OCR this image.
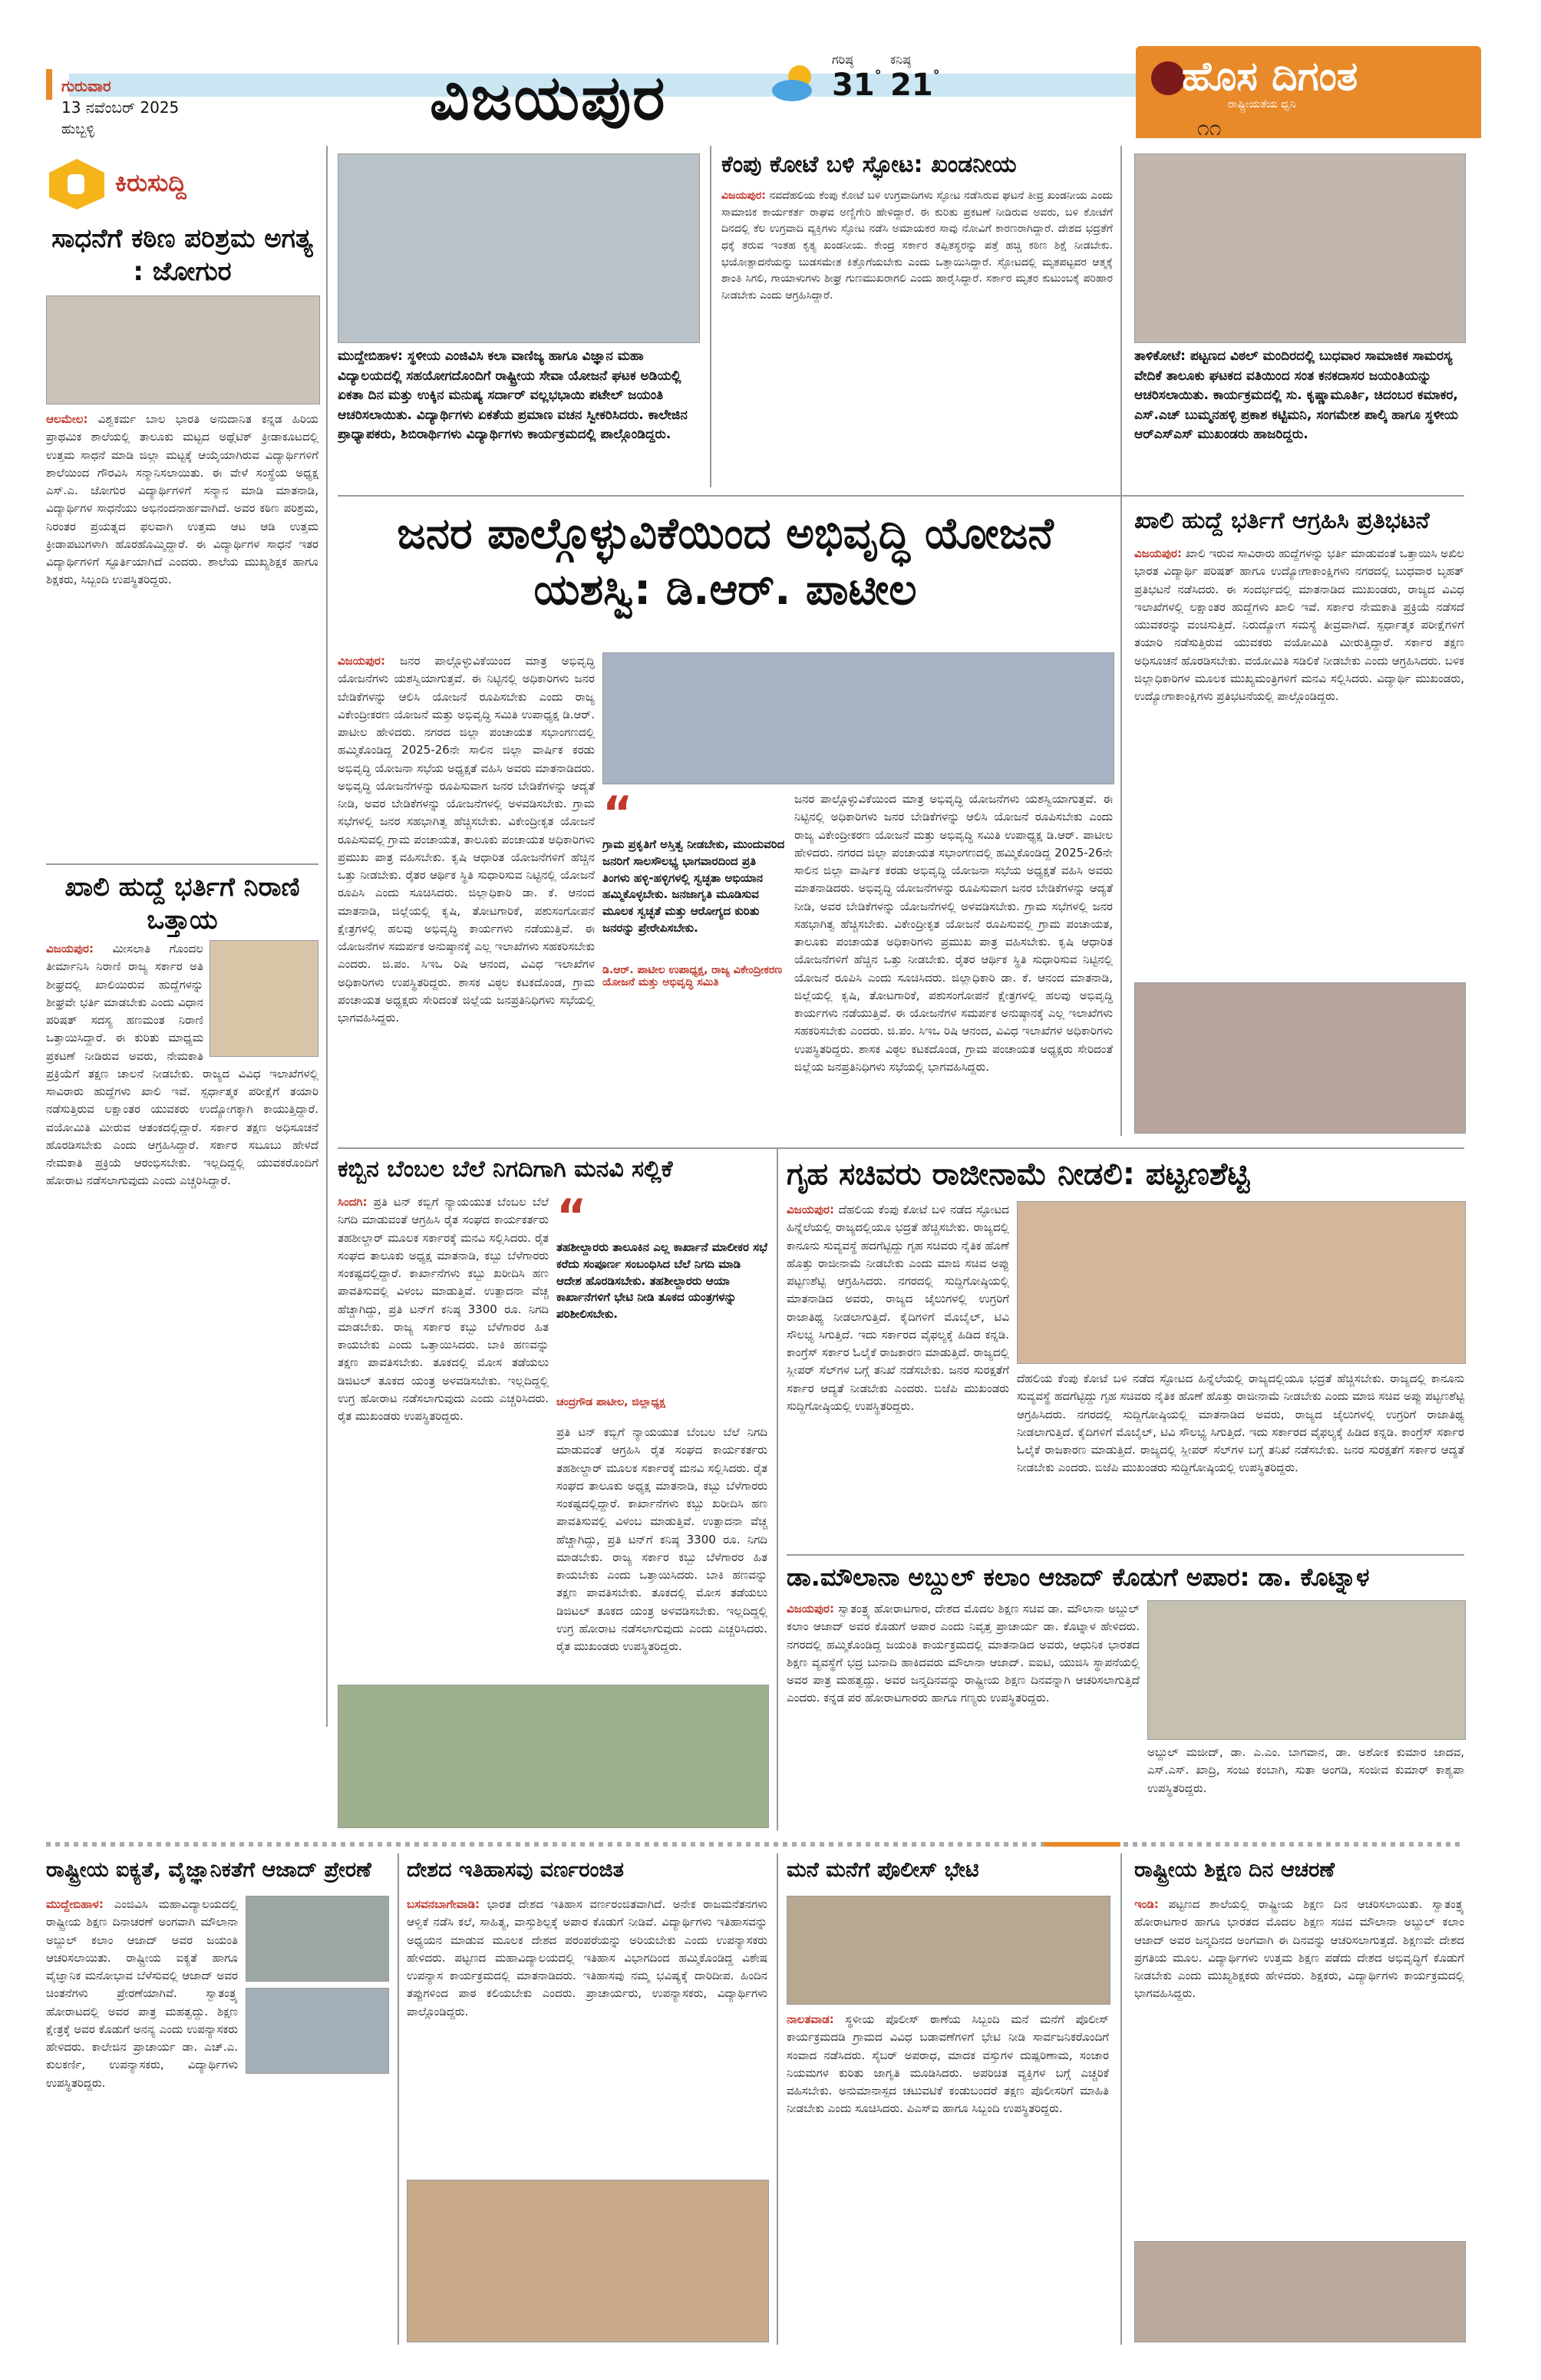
ಗುರುವಾರ
13 ನವೆಂಬರ್ 2025
ಹುಬ್ಬಳ್ಳಿ	ವಿಜಯಪುರ
ಗರಿಷ್ಠ
31°
ಕನಿಷ್ಠ
21°	ಹೊಸ ದಿಗಂತ
ರಾಷ್ಟ್ರೀಯತೆಯ ಧ್ವನಿ
೧೧
ಕಿರುಸುದ್ದಿ
ಸಾಧನೆಗೆ ಕಠಿಣ ಪರಿಶ್ರಮ ಅಗತ್ಯ : ಜೋಗುರ
ಆಲಮೇಲ: ವಿಶ್ವಕರ್ಮ ಬಾಲ ಭಾರತಿ ಅನುದಾನಿತ ಕನ್ನಡ ಹಿರಿಯ ಪ್ರಾಥಮಿಕ ಶಾಲೆಯಲ್ಲಿ ತಾಲೂಕು ಮಟ್ಟದ ಅಥ್ಲೆಟಿಕ್ ಕ್ರೀಡಾಕೂಟದಲ್ಲಿ ಉತ್ತಮ ಸಾಧನೆ ಮಾಡಿ ಜಿಲ್ಲಾ ಮಟ್ಟಕ್ಕೆ ಆಯ್ಕೆಯಾಗಿರುವ ವಿದ್ಯಾರ್ಥಿಗಳಿಗೆ ಶಾಲೆಯಿಂದ ಗೌರವಿಸಿ ಸನ್ಮಾನಿಸಲಾಯಿತು. ಈ ವೇಳೆ ಸಂಸ್ಥೆಯ ಅಧ್ಯಕ್ಷ ಎಸ್.ಎ. ಜೋಗುರ ವಿದ್ಯಾರ್ಥಿಗಳಿಗೆ ಸನ್ಮಾನ ಮಾಡಿ ಮಾತನಾಡಿ, ವಿದ್ಯಾರ್ಥಿಗಳ ಸಾಧನೆಯು ಅಭಿನಂದನಾರ್ಹವಾಗಿದೆ. ಅವರ ಕಠಿಣ ಪರಿಶ್ರಮ, ನಿರಂತರ ಪ್ರಯತ್ನದ ಫಲವಾಗಿ ಉತ್ತಮ ಆಟ ಆಡಿ ಉತ್ತಮ ಕ್ರೀಡಾಪಟುಗಳಾಗಿ ಹೊರಹೊಮ್ಮಿದ್ದಾರೆ. ಈ ವಿದ್ಯಾರ್ಥಿಗಳ ಸಾಧನೆ ಇತರ ವಿದ್ಯಾರ್ಥಿಗಳಿಗೆ ಸ್ಫೂರ್ತಿಯಾಗಿದೆ ಎಂದರು. ಶಾಲೆಯ ಮುಖ್ಯಶಿಕ್ಷಕ ಹಾಗೂ ಶಿಕ್ಷಕರು, ಸಿಬ್ಬಂದಿ ಉಪಸ್ಥಿತರಿದ್ದರು.
ಖಾಲಿ ಹುದ್ದೆ ಭರ್ತಿಗೆ ನಿರಾಣಿ ಒತ್ತಾಯ
ವಿಜಯಪುರ: ಮೀಸಲಾತಿ ಗೊಂದಲ ತೀರ್ಮಾನಿಸಿ ನಿರಾಣಿ ರಾಜ್ಯ ಸರ್ಕಾರ ಅತಿ ಶೀಘ್ರದಲ್ಲಿ ಖಾಲಿಯಿರುವ ಹುದ್ದೆಗಳನ್ನು ಶೀಘ್ರವೇ ಭರ್ತಿ ಮಾಡಬೇಕು ಎಂದು ವಿಧಾನ ಪರಿಷತ್ ಸದಸ್ಯ ಹಣಮಂತ ನಿರಾಣಿ ಒತ್ತಾಯಿಸಿದ್ದಾರೆ. ಈ ಕುರಿತು ಮಾಧ್ಯಮ ಪ್ರಕಟಣೆ ನೀಡಿರುವ ಅವರು, ನೇಮಕಾತಿ ಪ್ರಕ್ರಿಯೆಗೆ ತಕ್ಷಣ ಚಾಲನೆ ನೀಡಬೇಕು. ರಾಜ್ಯದ ವಿವಿಧ ಇಲಾಖೆಗಳಲ್ಲಿ ಸಾವಿರಾರು ಹುದ್ದೆಗಳು ಖಾಲಿ ಇವೆ. ಸ್ಪರ್ಧಾತ್ಮಕ ಪರೀಕ್ಷೆಗೆ ತಯಾರಿ ನಡೆಸುತ್ತಿರುವ ಲಕ್ಷಾಂತರ ಯುವಕರು ಉದ್ಯೋಗಕ್ಕಾಗಿ ಕಾಯುತ್ತಿದ್ದಾರೆ. ವಯೋಮಿತಿ ಮೀರುವ ಆತಂಕದಲ್ಲಿದ್ದಾರೆ. ಸರ್ಕಾರ ತಕ್ಷಣ ಅಧಿಸೂಚನೆ ಹೊರಡಿಸಬೇಕು ಎಂದು ಆಗ್ರಹಿಸಿದ್ದಾರೆ. ಸರ್ಕಾರ ಸಬೂಬು ಹೇಳದೆ ನೇಮಕಾತಿ ಪ್ರಕ್ರಿಯೆ ಆರಂಭಿಸಬೇಕು. ಇಲ್ಲದಿದ್ದಲ್ಲಿ ಯುವಕರೊಂದಿಗೆ ಹೋರಾಟ ನಡೆಸಲಾಗುವುದು ಎಂದು ಎಚ್ಚರಿಸಿದ್ದಾರೆ.
ಮುದ್ದೇಬಿಹಾಳ: ಸ್ಥಳೀಯ ಎಂಜಿವಿಸಿ ಕಲಾ ವಾಣಿಜ್ಯ ಹಾಗೂ ವಿಜ್ಞಾನ ಮಹಾ ವಿದ್ಯಾಲಯದಲ್ಲಿ ಸಹಯೋಗದೊಂದಿಗೆ ರಾಷ್ಟ್ರೀಯ ಸೇವಾ ಯೋಜನೆ ಘಟಕ ಅಡಿಯಲ್ಲಿ ಏಕತಾ ದಿನ ಮತ್ತು ಉಕ್ಕಿನ ಮನುಷ್ಯ ಸರ್ದಾರ್ ವಲ್ಲಭಭಾಯಿ ಪಟೇಲ್ ಜಯಂತಿ ಆಚರಿಸಲಾಯಿತು. ವಿದ್ಯಾರ್ಥಿಗಳು ಏಕತೆಯ ಪ್ರಮಾಣ ವಚನ ಸ್ವೀಕರಿಸಿದರು. ಕಾಲೇಜಿನ ಪ್ರಾಧ್ಯಾಪಕರು, ಶಿಬಿರಾರ್ಥಿಗಳು ವಿದ್ಯಾರ್ಥಿಗಳು ಕಾರ್ಯಕ್ರಮದಲ್ಲಿ ಪಾಲ್ಗೊಂಡಿದ್ದರು.
ಕೆಂಪು ಕೋಟೆ ಬಳಿ ಸ್ಫೋಟ: ಖಂಡನೀಯ
ವಿಜಯಪುರ: ನವದೆಹಲಿಯ ಕೆಂಪು ಕೋಟೆ ಬಳಿ ಉಗ್ರವಾದಿಗಳು ಸ್ಫೋಟ ನಡೆಸಿರುವ ಘಟನೆ ತೀವ್ರ ಖಂಡನೀಯ ಎಂದು ಸಾಮಾಜಿಕ ಕಾರ್ಯಕರ್ತ ರಾಘವ ಅಣ್ಣಿಗೇರಿ ಹೇಳಿದ್ದಾರೆ. ಈ ಕುರಿತು ಪ್ರಕಟಣೆ ನೀಡಿರುವ ಅವರು, ಬಳಿ ಕೋಟೆಗೆ ದಿನದಲ್ಲಿ ಕೆಲ ಉಗ್ರವಾದಿ ವ್ಯಕ್ತಿಗಳು ಸ್ಫೋಟ ನಡೆಸಿ ಅಮಾಯಕರ ಸಾವು ನೋವಿಗೆ ಕಾರಣರಾಗಿದ್ದಾರೆ. ದೇಶದ ಭದ್ರತೆಗೆ ಧಕ್ಕೆ ತರುವ ಇಂತಹ ಕೃತ್ಯ ಖಂಡನೀಯ. ಕೇಂದ್ರ ಸರ್ಕಾರ ತಪ್ಪಿತಸ್ಥರನ್ನು ಪತ್ತೆ ಹಚ್ಚಿ ಕಠಿಣ ಶಿಕ್ಷೆ ನೀಡಬೇಕು. ಭಯೋತ್ಪಾದನೆಯನ್ನು ಬುಡಸಮೇತ ಕಿತ್ತೊಗೆಯಬೇಕು ಎಂದು ಒತ್ತಾಯಿಸಿದ್ದಾರೆ. ಸ್ಫೋಟದಲ್ಲಿ ಮೃತಪಟ್ಟವರ ಆತ್ಮಕ್ಕೆ ಶಾಂತಿ ಸಿಗಲಿ, ಗಾಯಾಳುಗಳು ಶೀಘ್ರ ಗುಣಮುಖರಾಗಲಿ ಎಂದು ಹಾರೈಸಿದ್ದಾರೆ. ಸರ್ಕಾರ ಮೃತರ ಕುಟುಂಬಕ್ಕೆ ಪರಿಹಾರ ನೀಡಬೇಕು ಎಂದು ಆಗ್ರಹಿಸಿದ್ದಾರೆ.
ತಾಳಿಕೋಟೆ: ಪಟ್ಟಣದ ವಿಠಲ್ ಮಂದಿರದಲ್ಲಿ ಬುಧವಾರ ಸಾಮಾಜಿಕ ಸಾಮರಸ್ಯ ವೇದಿಕೆ ತಾಲೂಕು ಘಟಕದ ವತಿಯಿಂದ ಸಂತ ಕನಕದಾಸರ ಜಯಂತಿಯನ್ನು ಆಚರಿಸಲಾಯಿತು. ಕಾರ್ಯಕ್ರಮದಲ್ಲಿ ಸು. ಕೃಷ್ಣಾಮೂರ್ತಿ, ಚಿದಂಬರ ಕಮಾಕರ, ಎಸ್.ಎಚ್ ಬುಮ್ಮನಹಳ್ಳಿ ಪ್ರಕಾಶ ಕಟ್ಟಿಮನಿ, ಸಂಗಮೇಶ ಪಾಲ್ಕಿ ಹಾಗೂ ಸ್ಥಳೀಯ ಆರ್‌ಎಸ್‌ಎಸ್ ಮುಖಂಡರು ಹಾಜರಿದ್ದರು.
ಜನರ ಪಾಲ್ಗೊಳ್ಳುವಿಕೆಯಿಂದ ಅಭಿವೃದ್ಧಿ ಯೋಜನೆ ಯಶಸ್ವಿ: ಡಿ.ಆರ್. ಪಾಟೀಲ
ವಿಜಯಪುರ: ಜನರ ಪಾಲ್ಗೊಳ್ಳುವಿಕೆಯಿಂದ ಮಾತ್ರ ಅಭಿವೃದ್ಧಿ ಯೋಜನೆಗಳು ಯಶಸ್ವಿಯಾಗುತ್ತವೆ. ಈ ನಿಟ್ಟಿನಲ್ಲಿ ಅಧಿಕಾರಿಗಳು ಜನರ ಬೇಡಿಕೆಗಳನ್ನು ಆಲಿಸಿ ಯೋಜನೆ ರೂಪಿಸಬೇಕು ಎಂದು ರಾಜ್ಯ ವಿಕೇಂದ್ರೀಕರಣ ಯೋಜನೆ ಮತ್ತು ಅಭಿವೃದ್ಧಿ ಸಮಿತಿ ಉಪಾಧ್ಯಕ್ಷ ಡಿ.ಆರ್. ಪಾಟೀಲ ಹೇಳಿದರು. ನಗರದ ಜಿಲ್ಲಾ ಪಂಚಾಯತ ಸಭಾಂಗಣದಲ್ಲಿ ಹಮ್ಮಿಕೊಂಡಿದ್ದ 2025-26ನೇ ಸಾಲಿನ ಜಿಲ್ಲಾ ವಾರ್ಷಿಕ ಕರಡು ಅಭಿವೃದ್ಧಿ ಯೋಜನಾ ಸಭೆಯ ಅಧ್ಯಕ್ಷತೆ ವಹಿಸಿ ಅವರು ಮಾತನಾಡಿದರು. ಅಭಿವೃದ್ಧಿ ಯೋಜನೆಗಳನ್ನು ರೂಪಿಸುವಾಗ ಜನರ ಬೇಡಿಕೆಗಳನ್ನು ಆದ್ಯತೆ ನೀಡಿ, ಅವರ ಬೇಡಿಕೆಗಳನ್ನು ಯೋಜನೆಗಳಲ್ಲಿ ಅಳವಡಿಸಬೇಕು. ಗ್ರಾಮ ಸಭೆಗಳಲ್ಲಿ ಜನರ ಸಹಭಾಗಿತ್ವ ಹೆಚ್ಚಿಸಬೇಕು. ವಿಕೇಂದ್ರೀಕೃತ ಯೋಜನೆ ರೂಪಿಸುವಲ್ಲಿ ಗ್ರಾಮ ಪಂಚಾಯತ, ತಾಲೂಕು ಪಂಚಾಯತ ಅಧಿಕಾರಿಗಳು ಪ್ರಮುಖ ಪಾತ್ರ ವಹಿಸಬೇಕು. ಕೃಷಿ ಆಧಾರಿತ ಯೋಜನೆಗಳಿಗೆ ಹೆಚ್ಚಿನ ಒತ್ತು ನೀಡಬೇಕು. ರೈತರ ಆರ್ಥಿಕ ಸ್ಥಿತಿ ಸುಧಾರಿಸುವ ನಿಟ್ಟಿನಲ್ಲಿ ಯೋಜನೆ ರೂಪಿಸಿ ಎಂದು ಸೂಚಿಸಿದರು. ಜಿಲ್ಲಾಧಿಕಾರಿ ಡಾ. ಕೆ. ಆನಂದ ಮಾತನಾಡಿ, ಜಿಲ್ಲೆಯಲ್ಲಿ ಕೃಷಿ, ತೋಟಗಾರಿಕೆ, ಪಶುಸಂಗೋಪನೆ ಕ್ಷೇತ್ರಗಳಲ್ಲಿ ಹಲವು ಅಭಿವೃದ್ಧಿ ಕಾರ್ಯಗಳು ನಡೆಯುತ್ತಿವೆ. ಈ ಯೋಜನೆಗಳ ಸಮರ್ಪಕ ಅನುಷ್ಠಾನಕ್ಕೆ ಎಲ್ಲ ಇಲಾಖೆಗಳು ಸಹಕರಿಸಬೇಕು ಎಂದರು. ಜಿ.ಪಂ. ಸಿಇಒ ರಿಷಿ ಆನಂದ, ವಿವಿಧ ಇಲಾಖೆಗಳ ಅಧಿಕಾರಿಗಳು ಉಪಸ್ಥಿತರಿದ್ದರು. ಶಾಸಕ ವಿಠ್ಠಲ ಕಟಕದೊಂಡ, ಗ್ರಾಮ ಪಂಚಾಯತ ಅಧ್ಯಕ್ಷರು ಸೇರಿದಂತೆ ಜಿಲ್ಲೆಯ ಜನಪ್ರತಿನಿಧಿಗಳು ಸಭೆಯಲ್ಲಿ ಭಾಗವಹಿಸಿದ್ದರು.
“
ಗ್ರಾಮ ಪ್ರಕೃತಿಗೆ ಅಸ್ತಿತ್ವ ನೀಡಬೇಕು, ಮುಂದುವರಿದ ಜನರಿಗೆ ಸಾಲಸೌಲಭ್ಯ ಭಾಗವಾರದಿಂದ ಪ್ರತಿ ತಿಂಗಳು ಹಳ್ಳಿ-ಹಳ್ಳಿಗಳಲ್ಲಿ ಸ್ವಚ್ಛತಾ ಅಭಿಯಾನ ಹಮ್ಮಿಕೊಳ್ಳಬೇಕು. ಜನಜಾಗೃತಿ ಮೂಡಿಸುವ ಮೂಲಕ ಸ್ವಚ್ಛತೆ ಮತ್ತು ಆರೋಗ್ಯದ ಕುರಿತು ಜನರನ್ನು ಪ್ರೇರೇಪಿಸಬೇಕು.
ಡಿ.ಆರ್. ಪಾಟೀಲ ಉಪಾಧ್ಯಕ್ಷ, ರಾಜ್ಯ ವಿಕೇಂದ್ರೀಕರಣ ಯೋಜನೆ ಮತ್ತು ಅಭಿವೃದ್ಧಿ ಸಮಿತಿ
ಜನರ ಪಾಲ್ಗೊಳ್ಳುವಿಕೆಯಿಂದ ಮಾತ್ರ ಅಭಿವೃದ್ಧಿ ಯೋಜನೆಗಳು ಯಶಸ್ವಿಯಾಗುತ್ತವೆ. ಈ ನಿಟ್ಟಿನಲ್ಲಿ ಅಧಿಕಾರಿಗಳು ಜನರ ಬೇಡಿಕೆಗಳನ್ನು ಆಲಿಸಿ ಯೋಜನೆ ರೂಪಿಸಬೇಕು ಎಂದು ರಾಜ್ಯ ವಿಕೇಂದ್ರೀಕರಣ ಯೋಜನೆ ಮತ್ತು ಅಭಿವೃದ್ಧಿ ಸಮಿತಿ ಉಪಾಧ್ಯಕ್ಷ ಡಿ.ಆರ್. ಪಾಟೀಲ ಹೇಳಿದರು. ನಗರದ ಜಿಲ್ಲಾ ಪಂಚಾಯತ ಸಭಾಂಗಣದಲ್ಲಿ ಹಮ್ಮಿಕೊಂಡಿದ್ದ 2025-26ನೇ ಸಾಲಿನ ಜಿಲ್ಲಾ ವಾರ್ಷಿಕ ಕರಡು ಅಭಿವೃದ್ಧಿ ಯೋಜನಾ ಸಭೆಯ ಅಧ್ಯಕ್ಷತೆ ವಹಿಸಿ ಅವರು ಮಾತನಾಡಿದರು. ಅಭಿವೃದ್ಧಿ ಯೋಜನೆಗಳನ್ನು ರೂಪಿಸುವಾಗ ಜನರ ಬೇಡಿಕೆಗಳನ್ನು ಆದ್ಯತೆ ನೀಡಿ, ಅವರ ಬೇಡಿಕೆಗಳನ್ನು ಯೋಜನೆಗಳಲ್ಲಿ ಅಳವಡಿಸಬೇಕು. ಗ್ರಾಮ ಸಭೆಗಳಲ್ಲಿ ಜನರ ಸಹಭಾಗಿತ್ವ ಹೆಚ್ಚಿಸಬೇಕು. ವಿಕೇಂದ್ರೀಕೃತ ಯೋಜನೆ ರೂಪಿಸುವಲ್ಲಿ ಗ್ರಾಮ ಪಂಚಾಯತ, ತಾಲೂಕು ಪಂಚಾಯತ ಅಧಿಕಾರಿಗಳು ಪ್ರಮುಖ ಪಾತ್ರ ವಹಿಸಬೇಕು. ಕೃಷಿ ಆಧಾರಿತ ಯೋಜನೆಗಳಿಗೆ ಹೆಚ್ಚಿನ ಒತ್ತು ನೀಡಬೇಕು. ರೈತರ ಆರ್ಥಿಕ ಸ್ಥಿತಿ ಸುಧಾರಿಸುವ ನಿಟ್ಟಿನಲ್ಲಿ ಯೋಜನೆ ರೂಪಿಸಿ ಎಂದು ಸೂಚಿಸಿದರು. ಜಿಲ್ಲಾಧಿಕಾರಿ ಡಾ. ಕೆ. ಆನಂದ ಮಾತನಾಡಿ, ಜಿಲ್ಲೆಯಲ್ಲಿ ಕೃಷಿ, ತೋಟಗಾರಿಕೆ, ಪಶುಸಂಗೋಪನೆ ಕ್ಷೇತ್ರಗಳಲ್ಲಿ ಹಲವು ಅಭಿವೃದ್ಧಿ ಕಾರ್ಯಗಳು ನಡೆಯುತ್ತಿವೆ. ಈ ಯೋಜನೆಗಳ ಸಮರ್ಪಕ ಅನುಷ್ಠಾನಕ್ಕೆ ಎಲ್ಲ ಇಲಾಖೆಗಳು ಸಹಕರಿಸಬೇಕು ಎಂದರು. ಜಿ.ಪಂ. ಸಿಇಒ ರಿಷಿ ಆನಂದ, ವಿವಿಧ ಇಲಾಖೆಗಳ ಅಧಿಕಾರಿಗಳು ಉಪಸ್ಥಿತರಿದ್ದರು. ಶಾಸಕ ವಿಠ್ಠಲ ಕಟಕದೊಂಡ, ಗ್ರಾಮ ಪಂಚಾಯತ ಅಧ್ಯಕ್ಷರು ಸೇರಿದಂತೆ ಜಿಲ್ಲೆಯ ಜನಪ್ರತಿನಿಧಿಗಳು ಸಭೆಯಲ್ಲಿ ಭಾಗವಹಿಸಿದ್ದರು.
ಖಾಲಿ ಹುದ್ದೆ ಭರ್ತಿಗೆ ಆಗ್ರಹಿಸಿ ಪ್ರತಿಭಟನೆ
ವಿಜಯಪುರ: ಖಾಲಿ ಇರುವ ಸಾವಿರಾರು ಹುದ್ದೆಗಳನ್ನು ಭರ್ತಿ ಮಾಡುವಂತೆ ಒತ್ತಾಯಿಸಿ ಅಖಿಲ ಭಾರತ ವಿದ್ಯಾರ್ಥಿ ಪರಿಷತ್ ಹಾಗೂ ಉದ್ಯೋಗಾಕಾಂಕ್ಷಿಗಳು ನಗರದಲ್ಲಿ ಬುಧವಾರ ಬೃಹತ್ ಪ್ರತಿಭಟನೆ ನಡೆಸಿದರು. ಈ ಸಂದರ್ಭದಲ್ಲಿ ಮಾತನಾಡಿದ ಮುಖಂಡರು, ರಾಜ್ಯದ ವಿವಿಧ ಇಲಾಖೆಗಳಲ್ಲಿ ಲಕ್ಷಾಂತರ ಹುದ್ದೆಗಳು ಖಾಲಿ ಇವೆ. ಸರ್ಕಾರ ನೇಮಕಾತಿ ಪ್ರಕ್ರಿಯೆ ನಡೆಸದೆ ಯುವಕರನ್ನು ವಂಚಿಸುತ್ತಿದೆ. ನಿರುದ್ಯೋಗ ಸಮಸ್ಯೆ ತೀವ್ರವಾಗಿದೆ. ಸ್ಪರ್ಧಾತ್ಮಕ ಪರೀಕ್ಷೆಗಳಿಗೆ ತಯಾರಿ ನಡೆಸುತ್ತಿರುವ ಯುವಕರು ವಯೋಮಿತಿ ಮೀರುತ್ತಿದ್ದಾರೆ. ಸರ್ಕಾರ ತಕ್ಷಣ ಅಧಿಸೂಚನೆ ಹೊರಡಿಸಬೇಕು. ವಯೋಮಿತಿ ಸಡಿಲಿಕೆ ನೀಡಬೇಕು ಎಂದು ಆಗ್ರಹಿಸಿದರು. ಬಳಿಕ ಜಿಲ್ಲಾಧಿಕಾರಿಗಳ ಮೂಲಕ ಮುಖ್ಯಮಂತ್ರಿಗಳಿಗೆ ಮನವಿ ಸಲ್ಲಿಸಿದರು. ವಿದ್ಯಾರ್ಥಿ ಮುಖಂಡರು, ಉದ್ಯೋಗಾಕಾಂಕ್ಷಿಗಳು ಪ್ರತಿಭಟನೆಯಲ್ಲಿ ಪಾಲ್ಗೊಂಡಿದ್ದರು.
ಕಬ್ಬಿನ ಬೆಂಬಲ ಬೆಲೆ ನಿಗದಿಗಾಗಿ ಮನವಿ ಸಲ್ಲಿಕೆ
ಸಿಂದಗಿ: ಪ್ರತಿ ಟನ್ ಕಬ್ಬಿಗೆ ನ್ಯಾಯಯುತ ಬೆಂಬಲ ಬೆಲೆ ನಿಗದಿ ಮಾಡುವಂತೆ ಆಗ್ರಹಿಸಿ ರೈತ ಸಂಘದ ಕಾರ್ಯಕರ್ತರು ತಹಶೀಲ್ದಾರ್ ಮೂಲಕ ಸರ್ಕಾರಕ್ಕೆ ಮನವಿ ಸಲ್ಲಿಸಿದರು. ರೈತ ಸಂಘದ ತಾಲೂಕು ಅಧ್ಯಕ್ಷ ಮಾತನಾಡಿ, ಕಬ್ಬು ಬೆಳೆಗಾರರು ಸಂಕಷ್ಟದಲ್ಲಿದ್ದಾರೆ. ಕಾರ್ಖಾನೆಗಳು ಕಬ್ಬು ಖರೀದಿಸಿ ಹಣ ಪಾವತಿಸುವಲ್ಲಿ ವಿಳಂಬ ಮಾಡುತ್ತಿವೆ. ಉತ್ಪಾದನಾ ವೆಚ್ಚ ಹೆಚ್ಚಾಗಿದ್ದು, ಪ್ರತಿ ಟನ್‌ಗೆ ಕನಿಷ್ಠ 3300 ರೂ. ನಿಗದಿ ಮಾಡಬೇಕು. ರಾಜ್ಯ ಸರ್ಕಾರ ಕಬ್ಬು ಬೆಳೆಗಾರರ ಹಿತ ಕಾಯಬೇಕು ಎಂದು ಒತ್ತಾಯಿಸಿದರು. ಬಾಕಿ ಹಣವನ್ನು ತಕ್ಷಣ ಪಾವತಿಸಬೇಕು. ತೂಕದಲ್ಲಿ ಮೋಸ ತಡೆಯಲು ಡಿಜಿಟಲ್ ತೂಕದ ಯಂತ್ರ ಅಳವಡಿಸಬೇಕು. ಇಲ್ಲದಿದ್ದಲ್ಲಿ ಉಗ್ರ ಹೋರಾಟ ನಡೆಸಲಾಗುವುದು ಎಂದು ಎಚ್ಚರಿಸಿದರು. ರೈತ ಮುಖಂಡರು ಉಪಸ್ಥಿತರಿದ್ದರು.
“
ತಹಶೀಲ್ದಾರರು ತಾಲೂಕಿನ ಎಲ್ಲ ಕಾರ್ಖಾನೆ ಮಾಲೀಕರ ಸಭೆ ಕರೆದು ಸಂಪೂರ್ಣ ಸಂಬಂಧಿಸಿದ ಬೆಲೆ ನಿಗದಿ ಮಾಡಿ ಆದೇಶ ಹೊರಡಿಸಬೇಕು. ತಹಶೀಲ್ದಾರರು ಆಯಾ ಕಾರ್ಖಾನೆಗಳಿಗೆ ಭೇಟಿ ನೀಡಿ ತೂಕದ ಯಂತ್ರಗಳನ್ನು ಪರಿಶೀಲಿಸಬೇಕು.
ಚಂದ್ರಗೌಡ ಪಾಟೀಲ, ಜಿಲ್ಲಾಧ್ಯಕ್ಷ
ಪ್ರತಿ ಟನ್ ಕಬ್ಬಿಗೆ ನ್ಯಾಯಯುತ ಬೆಂಬಲ ಬೆಲೆ ನಿಗದಿ ಮಾಡುವಂತೆ ಆಗ್ರಹಿಸಿ ರೈತ ಸಂಘದ ಕಾರ್ಯಕರ್ತರು ತಹಶೀಲ್ದಾರ್ ಮೂಲಕ ಸರ್ಕಾರಕ್ಕೆ ಮನವಿ ಸಲ್ಲಿಸಿದರು. ರೈತ ಸಂಘದ ತಾಲೂಕು ಅಧ್ಯಕ್ಷ ಮಾತನಾಡಿ, ಕಬ್ಬು ಬೆಳೆಗಾರರು ಸಂಕಷ್ಟದಲ್ಲಿದ್ದಾರೆ. ಕಾರ್ಖಾನೆಗಳು ಕಬ್ಬು ಖರೀದಿಸಿ ಹಣ ಪಾವತಿಸುವಲ್ಲಿ ವಿಳಂಬ ಮಾಡುತ್ತಿವೆ. ಉತ್ಪಾದನಾ ವೆಚ್ಚ ಹೆಚ್ಚಾಗಿದ್ದು, ಪ್ರತಿ ಟನ್‌ಗೆ ಕನಿಷ್ಠ 3300 ರೂ. ನಿಗದಿ ಮಾಡಬೇಕು. ರಾಜ್ಯ ಸರ್ಕಾರ ಕಬ್ಬು ಬೆಳೆಗಾರರ ಹಿತ ಕಾಯಬೇಕು ಎಂದು ಒತ್ತಾಯಿಸಿದರು. ಬಾಕಿ ಹಣವನ್ನು ತಕ್ಷಣ ಪಾವತಿಸಬೇಕು. ತೂಕದಲ್ಲಿ ಮೋಸ ತಡೆಯಲು ಡಿಜಿಟಲ್ ತೂಕದ ಯಂತ್ರ ಅಳವಡಿಸಬೇಕು. ಇಲ್ಲದಿದ್ದಲ್ಲಿ ಉಗ್ರ ಹೋರಾಟ ನಡೆಸಲಾಗುವುದು ಎಂದು ಎಚ್ಚರಿಸಿದರು. ರೈತ ಮುಖಂಡರು ಉಪಸ್ಥಿತರಿದ್ದರು.
ಗೃಹ ಸಚಿವರು ರಾಜೀನಾಮೆ ನೀಡಲಿ: ಪಟ್ಟಣಶೆಟ್ಟಿ
ವಿಜಯಪುರ: ದೆಹಲಿಯ ಕೆಂಪು ಕೋಟೆ ಬಳಿ ನಡೆದ ಸ್ಫೋಟದ ಹಿನ್ನೆಲೆಯಲ್ಲಿ ರಾಜ್ಯದಲ್ಲಿಯೂ ಭದ್ರತೆ ಹೆಚ್ಚಿಸಬೇಕು. ರಾಜ್ಯದಲ್ಲಿ ಕಾನೂನು ಸುವ್ಯವಸ್ಥೆ ಹದಗೆಟ್ಟಿದ್ದು ಗೃಹ ಸಚಿವರು ನೈತಿಕ ಹೊಣೆ ಹೊತ್ತು ರಾಜೀನಾಮೆ ನೀಡಬೇಕು ಎಂದು ಮಾಜಿ ಸಚಿವ ಅಪ್ಪು ಪಟ್ಟಣಶೆಟ್ಟಿ ಆಗ್ರಹಿಸಿದರು. ನಗರದಲ್ಲಿ ಸುದ್ದಿಗೋಷ್ಠಿಯಲ್ಲಿ ಮಾತನಾಡಿದ ಅವರು, ರಾಜ್ಯದ ಜೈಲುಗಳಲ್ಲಿ ಉಗ್ರರಿಗೆ ರಾಜಾತಿಥ್ಯ ನೀಡಲಾಗುತ್ತಿದೆ. ಕೈದಿಗಳಿಗೆ ಮೊಬೈಲ್, ಟಿವಿ ಸೌಲಭ್ಯ ಸಿಗುತ್ತಿದೆ. ಇದು ಸರ್ಕಾರದ ವೈಫಲ್ಯಕ್ಕೆ ಹಿಡಿದ ಕನ್ನಡಿ. ಕಾಂಗ್ರೆಸ್ ಸರ್ಕಾರ ಓಲೈಕೆ ರಾಜಕಾರಣ ಮಾಡುತ್ತಿದೆ. ರಾಜ್ಯದಲ್ಲಿ ಸ್ಲೀಪರ್ ಸೆಲ್‌ಗಳ ಬಗ್ಗೆ ತನಿಖೆ ನಡೆಸಬೇಕು. ಜನರ ಸುರಕ್ಷತೆಗೆ ಸರ್ಕಾರ ಆದ್ಯತೆ ನೀಡಬೇಕು ಎಂದರು. ಬಿಜೆಪಿ ಮುಖಂಡರು ಸುದ್ದಿಗೋಷ್ಠಿಯಲ್ಲಿ ಉಪಸ್ಥಿತರಿದ್ದರು.
ದೆಹಲಿಯ ಕೆಂಪು ಕೋಟೆ ಬಳಿ ನಡೆದ ಸ್ಫೋಟದ ಹಿನ್ನೆಲೆಯಲ್ಲಿ ರಾಜ್ಯದಲ್ಲಿಯೂ ಭದ್ರತೆ ಹೆಚ್ಚಿಸಬೇಕು. ರಾಜ್ಯದಲ್ಲಿ ಕಾನೂನು ಸುವ್ಯವಸ್ಥೆ ಹದಗೆಟ್ಟಿದ್ದು ಗೃಹ ಸಚಿವರು ನೈತಿಕ ಹೊಣೆ ಹೊತ್ತು ರಾಜೀನಾಮೆ ನೀಡಬೇಕು ಎಂದು ಮಾಜಿ ಸಚಿವ ಅಪ್ಪು ಪಟ್ಟಣಶೆಟ್ಟಿ ಆಗ್ರಹಿಸಿದರು. ನಗರದಲ್ಲಿ ಸುದ್ದಿಗೋಷ್ಠಿಯಲ್ಲಿ ಮಾತನಾಡಿದ ಅವರು, ರಾಜ್ಯದ ಜೈಲುಗಳಲ್ಲಿ ಉಗ್ರರಿಗೆ ರಾಜಾತಿಥ್ಯ ನೀಡಲಾಗುತ್ತಿದೆ. ಕೈದಿಗಳಿಗೆ ಮೊಬೈಲ್, ಟಿವಿ ಸೌಲಭ್ಯ ಸಿಗುತ್ತಿದೆ. ಇದು ಸರ್ಕಾರದ ವೈಫಲ್ಯಕ್ಕೆ ಹಿಡಿದ ಕನ್ನಡಿ. ಕಾಂಗ್ರೆಸ್ ಸರ್ಕಾರ ಓಲೈಕೆ ರಾಜಕಾರಣ ಮಾಡುತ್ತಿದೆ. ರಾಜ್ಯದಲ್ಲಿ ಸ್ಲೀಪರ್ ಸೆಲ್‌ಗಳ ಬಗ್ಗೆ ತನಿಖೆ ನಡೆಸಬೇಕು. ಜನರ ಸುರಕ್ಷತೆಗೆ ಸರ್ಕಾರ ಆದ್ಯತೆ ನೀಡಬೇಕು ಎಂದರು. ಬಿಜೆಪಿ ಮುಖಂಡರು ಸುದ್ದಿಗೋಷ್ಠಿಯಲ್ಲಿ ಉಪಸ್ಥಿತರಿದ್ದರು.
ಡಾ.ಮೌಲಾನಾ ಅಬ್ದುಲ್ ಕಲಾಂ ಆಜಾದ್ ಕೊಡುಗೆ ಅಪಾರ: ಡಾ. ಕೊಟ್ನಾಳ
ವಿಜಯಪುರ: ಸ್ವಾತಂತ್ರ್ಯ ಹೋರಾಟಗಾರ, ದೇಶದ ಮೊದಲ ಶಿಕ್ಷಣ ಸಚಿವ ಡಾ. ಮೌಲಾನಾ ಅಬ್ದುಲ್ ಕಲಾಂ ಆಜಾದ್ ಅವರ ಕೊಡುಗೆ ಅಪಾರ ಎಂದು ನಿವೃತ್ತ ಪ್ರಾಚಾರ್ಯ ಡಾ. ಕೊಟ್ನಾಳ ಹೇಳಿದರು. ನಗರದಲ್ಲಿ ಹಮ್ಮಿಕೊಂಡಿದ್ದ ಜಯಂತಿ ಕಾರ್ಯಕ್ರಮದಲ್ಲಿ ಮಾತನಾಡಿದ ಅವರು, ಆಧುನಿಕ ಭಾರತದ ಶಿಕ್ಷಣ ವ್ಯವಸ್ಥೆಗೆ ಭದ್ರ ಬುನಾದಿ ಹಾಕಿದವರು ಮೌಲಾನಾ ಆಜಾದ್. ಐಐಟಿ, ಯುಜಿಸಿ ಸ್ಥಾಪನೆಯಲ್ಲಿ ಅವರ ಪಾತ್ರ ಮಹತ್ವದ್ದು. ಅವರ ಜನ್ಮದಿನವನ್ನು ರಾಷ್ಟ್ರೀಯ ಶಿಕ್ಷಣ ದಿನವನ್ನಾಗಿ ಆಚರಿಸಲಾಗುತ್ತಿದೆ ಎಂದರು. ಕನ್ನಡ ಪರ ಹೋರಾಟಗಾರರು ಹಾಗೂ ಗಣ್ಯರು ಉಪಸ್ಥಿತರಿದ್ದರು.
ಅಬ್ದುಲ್ ಮಜೀದ್, ಡಾ. ಎ.ಎಂ. ಬಾಗವಾನ, ಡಾ. ಅಶೋಕ ಕುಮಾರ ಜಾದವ, ಎಸ್.ಎಸ್. ಖಾದ್ರಿ, ಸಂಜು ಕಂಬಾಗಿ, ಸುತಾ ಅಂಗಡಿ, ಸಂಜೀವ ಕುಮಾರ್ ಕಾಶ್ಯಪಾ ಉಪಸ್ಥಿತರಿದ್ದರು.
ರಾಷ್ಟ್ರೀಯ ಐಕ್ಯತೆ, ವೈಜ್ಞಾನಿಕತೆಗೆ ಆಜಾದ್ ಪ್ರೇರಣೆ
ಮುದ್ದೇಬಿಹಾಳ: ಎಂಜಿವಿಸಿ ಮಹಾವಿದ್ಯಾಲಯದಲ್ಲಿ ರಾಷ್ಟ್ರೀಯ ಶಿಕ್ಷಣ ದಿನಾಚರಣೆ ಅಂಗವಾಗಿ ಮೌಲಾನಾ ಅಬ್ದುಲ್ ಕಲಾಂ ಆಜಾದ್ ಅವರ ಜಯಂತಿ ಆಚರಿಸಲಾಯಿತು. ರಾಷ್ಟ್ರೀಯ ಐಕ್ಯತೆ ಹಾಗೂ ವೈಜ್ಞಾನಿಕ ಮನೋಭಾವ ಬೆಳೆಸುವಲ್ಲಿ ಆಜಾದ್ ಅವರ ಚಿಂತನೆಗಳು ಪ್ರೇರಣೆಯಾಗಿವೆ. ಸ್ವಾತಂತ್ರ್ಯ ಹೋರಾಟದಲ್ಲಿ ಅವರ ಪಾತ್ರ ಮಹತ್ವದ್ದು. ಶಿಕ್ಷಣ ಕ್ಷೇತ್ರಕ್ಕೆ ಅವರ ಕೊಡುಗೆ ಅನನ್ಯ ಎಂದು ಉಪನ್ಯಾಸಕರು ಹೇಳಿದರು. ಕಾಲೇಜಿನ ಪ್ರಾಚಾರ್ಯ ಡಾ. ಎಚ್.ಎ. ಕುಲಕರ್ಣಿ, ಉಪನ್ಯಾಸಕರು, ವಿದ್ಯಾರ್ಥಿಗಳು ಉಪಸ್ಥಿತರಿದ್ದರು.
ದೇಶದ ಇತಿಹಾಸವು ವರ್ಣರಂಜಿತ
ಬಸವನಬಾಗೇವಾಡಿ: ಭಾರತ ದೇಶದ ಇತಿಹಾಸ ವರ್ಣರಂಜಿತವಾಗಿದೆ. ಅನೇಕ ರಾಜಮನೆತನಗಳು ಆಳ್ವಿಕೆ ನಡೆಸಿ ಕಲೆ, ಸಾಹಿತ್ಯ, ವಾಸ್ತುಶಿಲ್ಪಕ್ಕೆ ಅಪಾರ ಕೊಡುಗೆ ನೀಡಿವೆ. ವಿದ್ಯಾರ್ಥಿಗಳು ಇತಿಹಾಸವನ್ನು ಅಧ್ಯಯನ ಮಾಡುವ ಮೂಲಕ ದೇಶದ ಪರಂಪರೆಯನ್ನು ಅರಿಯಬೇಕು ಎಂದು ಉಪನ್ಯಾಸಕರು ಹೇಳಿದರು. ಪಟ್ಟಣದ ಮಹಾವಿದ್ಯಾಲಯದಲ್ಲಿ ಇತಿಹಾಸ ವಿಭಾಗದಿಂದ ಹಮ್ಮಿಕೊಂಡಿದ್ದ ವಿಶೇಷ ಉಪನ್ಯಾಸ ಕಾರ್ಯಕ್ರಮದಲ್ಲಿ ಮಾತನಾಡಿದರು. ಇತಿಹಾಸವು ನಮ್ಮ ಭವಿಷ್ಯಕ್ಕೆ ದಾರಿದೀಪ. ಹಿಂದಿನ ತಪ್ಪುಗಳಿಂದ ಪಾಠ ಕಲಿಯಬೇಕು ಎಂದರು. ಪ್ರಾಚಾರ್ಯರು, ಉಪನ್ಯಾಸಕರು, ವಿದ್ಯಾರ್ಥಿಗಳು ಪಾಲ್ಗೊಂಡಿದ್ದರು.
ಮನೆ ಮನೆಗೆ ಪೊಲೀಸ್ ಭೇಟಿ
ನಾಲತವಾಡ: ಸ್ಥಳೀಯ ಪೊಲೀಸ್ ಠಾಣೆಯ ಸಿಬ್ಬಂದಿ ಮನೆ ಮನೆಗೆ ಪೊಲೀಸ್ ಕಾರ್ಯಕ್ರಮದಡಿ ಗ್ರಾಮದ ವಿವಿಧ ಬಡಾವಣೆಗಳಿಗೆ ಭೇಟಿ ನೀಡಿ ಸಾರ್ವಜನಿಕರೊಂದಿಗೆ ಸಂವಾದ ನಡೆಸಿದರು. ಸೈಬರ್ ಅಪರಾಧ, ಮಾದಕ ವಸ್ತುಗಳ ದುಷ್ಪರಿಣಾಮ, ಸಂಚಾರ ನಿಯಮಗಳ ಕುರಿತು ಜಾಗೃತಿ ಮೂಡಿಸಿದರು. ಅಪರಿಚಿತ ವ್ಯಕ್ತಿಗಳ ಬಗ್ಗೆ ಎಚ್ಚರಿಕೆ ವಹಿಸಬೇಕು. ಅನುಮಾನಾಸ್ಪದ ಚಟುವಟಿಕೆ ಕಂಡುಬಂದರೆ ತಕ್ಷಣ ಪೊಲೀಸರಿಗೆ ಮಾಹಿತಿ ನೀಡಬೇಕು ಎಂದು ಸೂಚಿಸಿದರು. ಪಿಎಸ್‌ಐ ಹಾಗೂ ಸಿಬ್ಬಂದಿ ಉಪಸ್ಥಿತರಿದ್ದರು.
ರಾಷ್ಟ್ರೀಯ ಶಿಕ್ಷಣ ದಿನ ಆಚರಣೆ
ಇಂಡಿ: ಪಟ್ಟಣದ ಶಾಲೆಯಲ್ಲಿ ರಾಷ್ಟ್ರೀಯ ಶಿಕ್ಷಣ ದಿನ ಆಚರಿಸಲಾಯಿತು. ಸ್ವಾತಂತ್ರ್ಯ ಹೋರಾಟಗಾರ ಹಾಗೂ ಭಾರತದ ಮೊದಲ ಶಿಕ್ಷಣ ಸಚಿವ ಮೌಲಾನಾ ಅಬ್ದುಲ್ ಕಲಾಂ ಆಜಾದ್ ಅವರ ಜನ್ಮದಿನದ ಅಂಗವಾಗಿ ಈ ದಿನವನ್ನು ಆಚರಿಸಲಾಗುತ್ತದೆ. ಶಿಕ್ಷಣವೇ ದೇಶದ ಪ್ರಗತಿಯ ಮೂಲ. ವಿದ್ಯಾರ್ಥಿಗಳು ಉತ್ತಮ ಶಿಕ್ಷಣ ಪಡೆದು ದೇಶದ ಅಭಿವೃದ್ಧಿಗೆ ಕೊಡುಗೆ ನೀಡಬೇಕು ಎಂದು ಮುಖ್ಯಶಿಕ್ಷಕರು ಹೇಳಿದರು. ಶಿಕ್ಷಕರು, ವಿದ್ಯಾರ್ಥಿಗಳು ಕಾರ್ಯಕ್ರಮದಲ್ಲಿ ಭಾಗವಹಿಸಿದ್ದರು.
